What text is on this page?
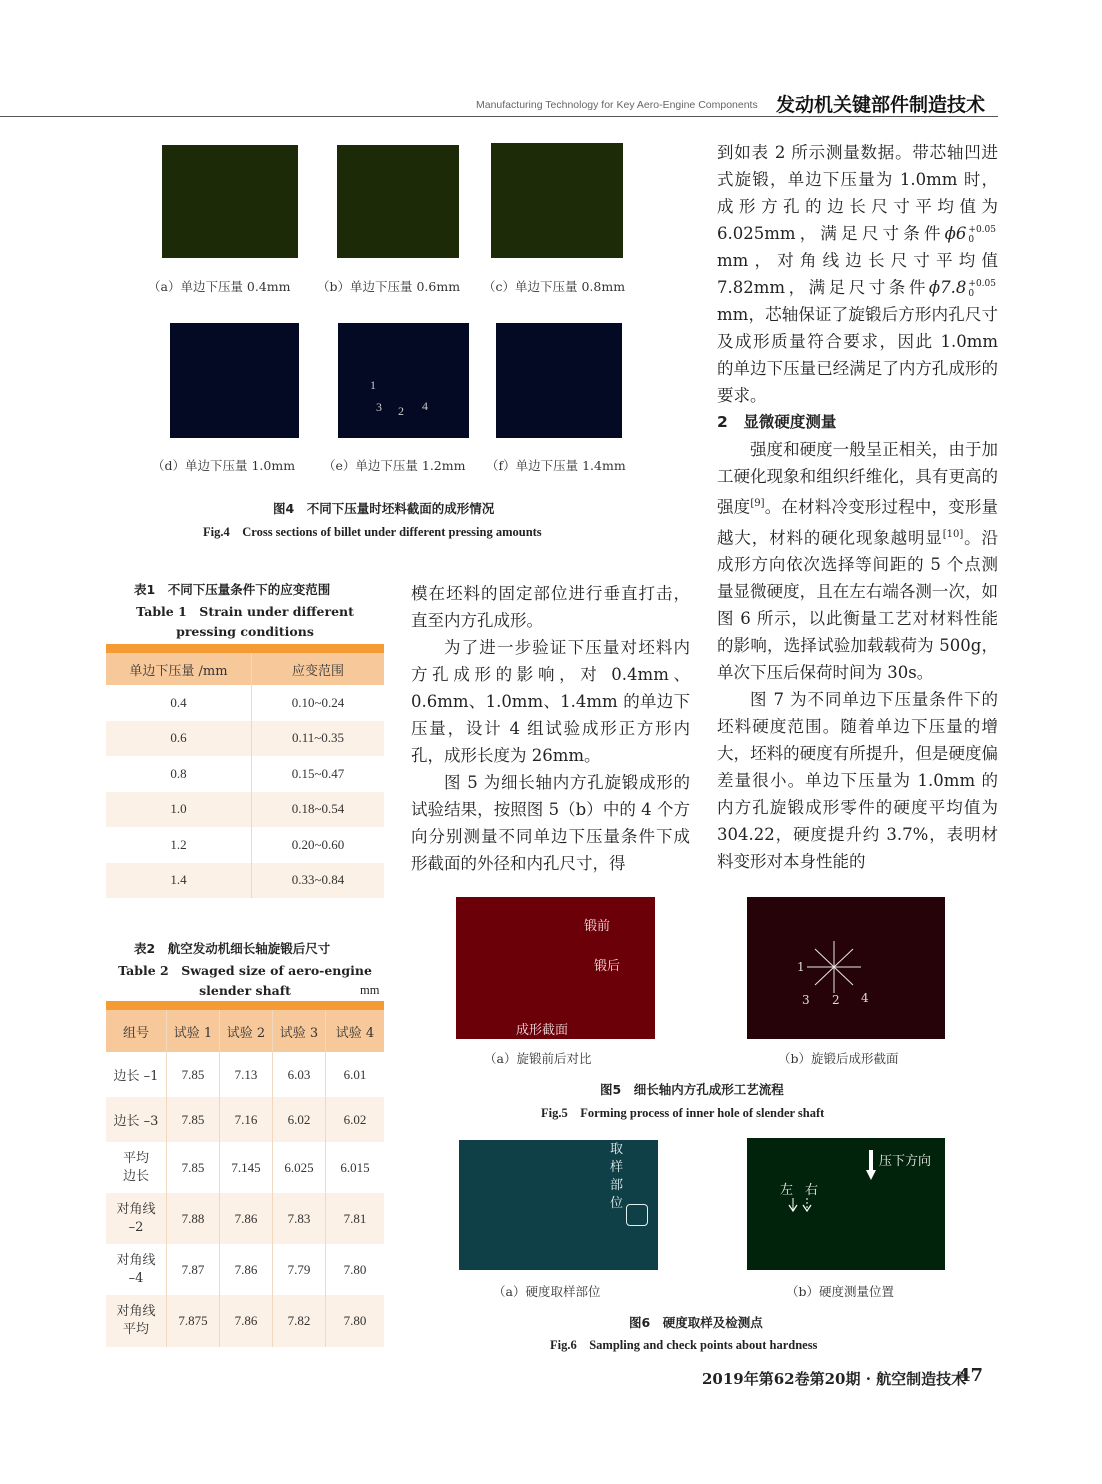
Manufacturing Technology for Key Aero-Engine Components 发动机关键部件制造技术
1
3 2 4
（a）单边下压量 0.4mm （b）单边下压量 0.6mm （c）单边下压量 0.8mm
（d）单边下压量 1.0mm （e）单边下压量 1.2mm （f）单边下压量 1.4mm
图4　不同下压量时坯料截面的成形情况
Fig.4　Cross sections of billet under different pressing amounts
表1　不同下压量条件下的应变范围
Table 1　Strain under different
pressing conditions
单边下压量 /mm	应变范围
0.4	0.10~0.24
0.6	0.11~0.35
0.8	0.15~0.47
1.0	0.18~0.54
1.2	0.20~0.60
1.4	0.33~0.84
表2　航空发动机细长轴旋锻后尺寸
Table 2　Swaged size of aero-engine
slender shaft	mm
组号	试验 1	试验 2	试验 3	试验 4
边长 –1	7.85	7.13	6.03	6.01
边长 –3	7.85	7.16	6.02	6.02
平均
边长	7.85	7.145	6.025	6.015
对角线
–2	7.88	7.86	7.83	7.81
对角线
–4	7.87	7.86	7.79	7.80
对角线
平均	7.875	7.86	7.82	7.80

模在坯料的固定部位进行垂直打击，直至内方孔成形。

为了进一步验证下压量对坯料内方孔成形的影响，对 0.4mm、0.6mm、1.0mm、1.4mm 的单边下压量，设计 4 组试验成形正方形内孔，成形长度为 26mm。

图 5 为细长轴内方孔旋锻成形的试验结果，按照图 5（b）中的 4 个方向分别测量不同单边下压量条件下成形截面的外径和内孔尺寸，得

到如表 2 所示测量数据。带芯轴凹进式旋锻，单边下压量为 1.0mm 时，成形方孔的边长尺寸平均值为 6.025mm，满足尺寸条件ϕ6 +0.05
0
mm，对角线边长尺寸平均值 7.82mm，满足尺寸条件ϕ7.8 +0.05
0
mm，芯轴保证了旋锻后方形内孔尺寸及成形质量符合要求，因此 1.0mm 的单边下压量已经满足了内方孔成形的要求。

2　 显微硬度测量

强度和硬度一般呈正相关，由于加工硬化现象和组织纤维化，具有更高的强度[9]。在材料冷变形过程中，变形量越大，材料的硬化现象越明显[10]。沿成形方向依次选择等间距的 5 个点测量显微硬度，且在左右端各测一次，如图 6 所示，以此衡量工艺对材料性能的影响，选择试验加载载荷为 500g，单次下压后保荷时间为 30s。

图 7 为不同单边下压量条件下的坯料硬度范围。随着单边下压量的增大，坯料的硬度有所提升，但是硬度偏差量很小。单边下压量为 1.0mm 的内方孔旋锻成形零件的硬度平均值为 304.22，硬度提升约 3.7%，表明材料变形对本身性能的

锻前
锻后
成形截面
1
3 2 4
（a）旋锻前后对比	（b）旋锻后成形截面
图5　细长轴内方孔成形工艺流程
Fig.5　Forming process of inner hole of slender shaft
取
样
部
位
压下方向
左 右
（a）硬度取样部位	（b）硬度测量位置
图6　硬度取样及检测点
Fig.6　Sampling and check points about hardness
2019年第62卷第20期 · 航空制造技术
47
